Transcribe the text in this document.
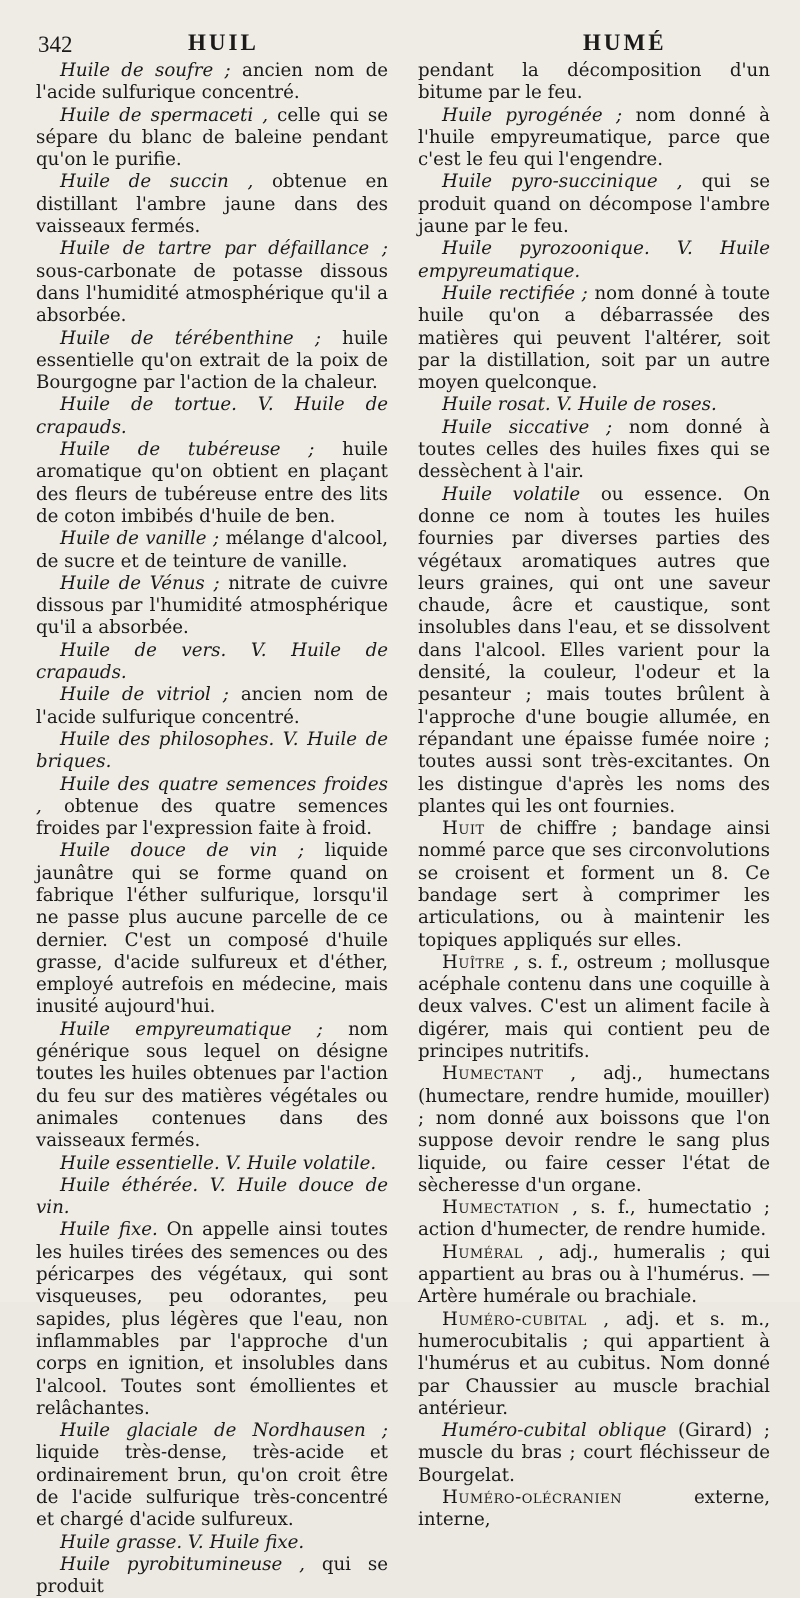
342	HUIL	HUMÉ

Huile de soufre ; ancien nom de l'acide sulfurique concentré.

Huile de spermaceti , celle qui se sépare du blanc de baleine pendant qu'on le purifie.

Huile de succin , obtenue en distillant l'ambre jaune dans des vaisseaux fermés.

Huile de tartre par défaillance ; sous-carbonate de potasse dissous dans l'humidité atmosphérique qu'il a absorbée.

Huile de térébenthine ; huile essentielle qu'on extrait de la poix de Bourgogne par l'action de la chaleur.

Huile de tortue. V. Huile de crapauds.

Huile de tubéreuse ; huile aromatique qu'on obtient en plaçant des fleurs de tubéreuse entre des lits de coton imbibés d'huile de ben.

Huile de vanille ; mélange d'alcool, de sucre et de teinture de vanille.

Huile de Vénus ; nitrate de cuivre dissous par l'humidité atmosphérique qu'il a absorbée.

Huile de vers. V. Huile de crapauds.

Huile de vitriol ; ancien nom de l'acide sulfurique concentré.

Huile des philosophes. V. Huile de briques.

Huile des quatre semences froides , obtenue des quatre semences froides par l'expression faite à froid.

Huile douce de vin ; liquide jaunâtre qui se forme quand on fabrique l'éther sulfurique, lorsqu'il ne passe plus aucune parcelle de ce dernier. C'est un composé d'huile grasse, d'acide sulfureux et d'éther, employé autrefois en médecine, mais inusité aujourd'hui.

Huile empyreumatique ; nom générique sous lequel on désigne toutes les huiles obtenues par l'action du feu sur des matières végétales ou animales contenues dans des vaisseaux fermés.

Huile essentielle. V. Huile volatile.

Huile éthérée. V. Huile douce de vin.

Huile fixe. On appelle ainsi toutes les huiles tirées des semences ou des péricarpes des végétaux, qui sont visqueuses, peu odorantes, peu sapides, plus légères que l'eau, non inflammables par l'approche d'un corps en ignition, et insolubles dans l'alcool. Toutes sont émollientes et relâchantes.

Huile glaciale de Nordhausen ; liquide très-dense, très-acide et ordinairement brun, qu'on croit être de l'acide sulfurique très-concentré et chargé d'acide sulfureux.

Huile grasse. V. Huile fixe.

Huile pyrobitumineuse , qui se produit

pendant la décomposition d'un bitume par le feu.

Huile pyrogénée ; nom donné à l'huile empyreumatique, parce que c'est le feu qui l'engendre.

Huile pyro-succinique , qui se produit quand on décompose l'ambre jaune par le feu.

Huile pyrozoonique. V. Huile empyreumatique.

Huile rectifiée ; nom donné à toute huile qu'on a débarrassée des matières qui peuvent l'altérer, soit par la distillation, soit par un autre moyen quelconque.

Huile rosat. V. Huile de roses.

Huile siccative ; nom donné à toutes celles des huiles fixes qui se dessèchent à l'air.

Huile volatile ou essence. On donne ce nom à toutes les huiles fournies par diverses parties des végétaux aromatiques autres que leurs graines, qui ont une saveur chaude, âcre et caustique, sont insolubles dans l'eau, et se dissolvent dans l'alcool. Elles varient pour la densité, la couleur, l'odeur et la pesanteur ; mais toutes brûlent à l'approche d'une bougie allumée, en répandant une épaisse fumée noire ; toutes aussi sont très-excitantes. On les distingue d'après les noms des plantes qui les ont fournies.

Huit de chiffre ; bandage ainsi nommé parce que ses circonvolutions se croisent et forment un 8. Ce bandage sert à comprimer les articulations, ou à maintenir les topiques appliqués sur elles.

Huître , s. f., ostreum ; mollusque acéphale contenu dans une coquille à deux valves. C'est un aliment facile à digérer, mais qui contient peu de principes nutritifs.

Humectant , adj., humectans (humectare, rendre humide, mouiller) ; nom donné aux boissons que l'on suppose devoir rendre le sang plus liquide, ou faire cesser l'état de sècheresse d'un organe.

Humectation , s. f., humectatio ; action d'humecter, de rendre humide.

Huméral , adj., humeralis ; qui appartient au bras ou à l'humérus. — Artère humérale ou brachiale.

Huméro-cubital , adj. et s. m., humerocubitalis ; qui appartient à l'humérus et au cubitus. Nom donné par Chaussier au muscle brachial antérieur.

Huméro-cubital oblique (Girard) ; muscle du bras ; court fléchisseur de Bourgelat.

Huméro-olécranien	externe, interne,
